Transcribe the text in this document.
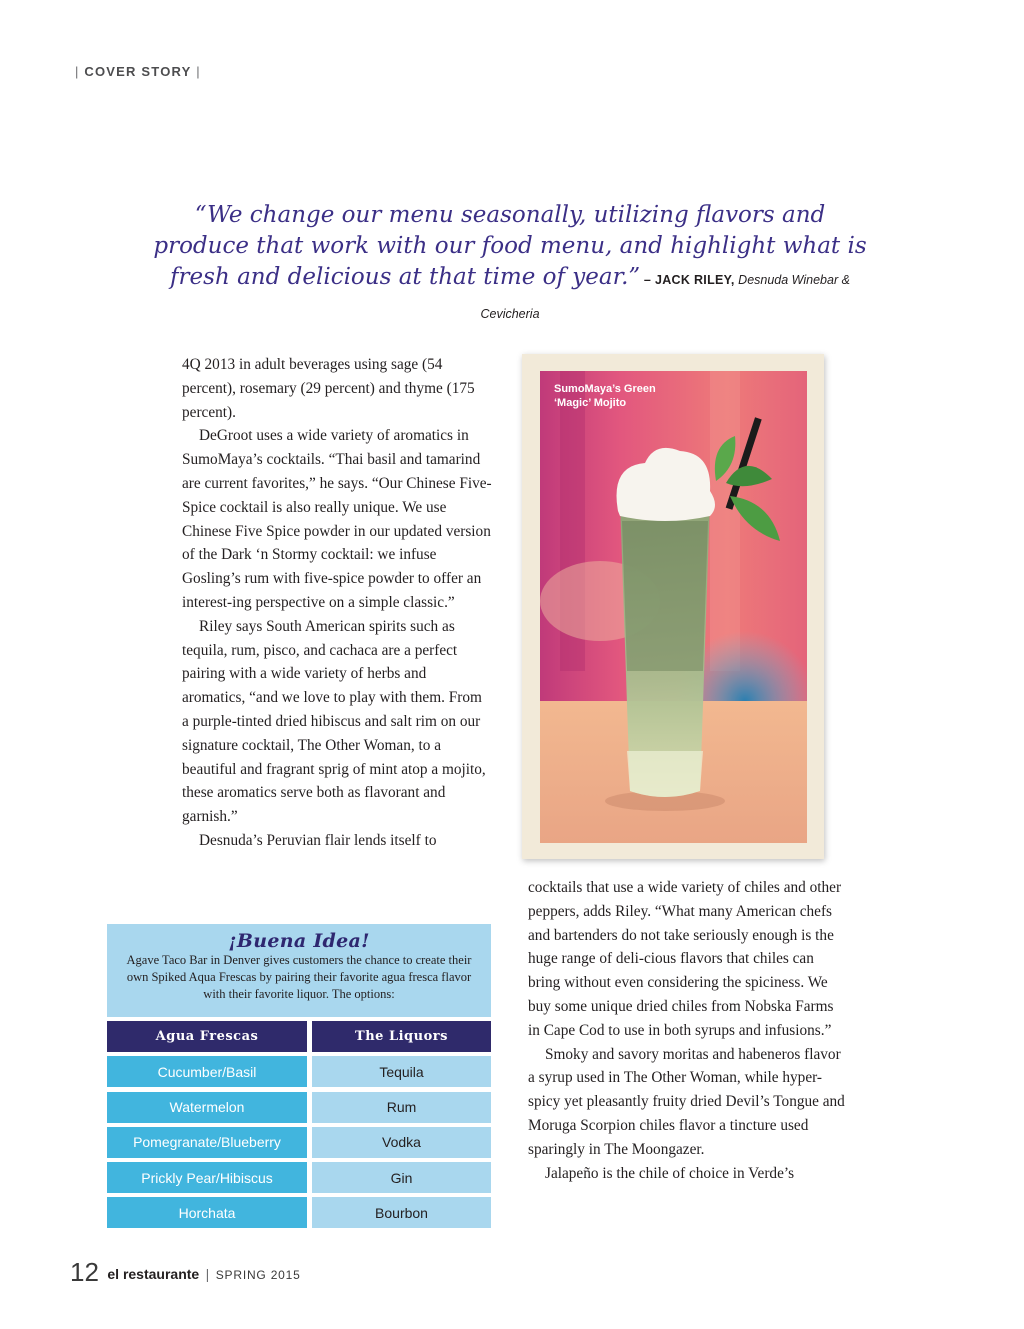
| COVER STORY |
“We change our menu seasonally, utilizing flavors and produce that work with our food menu, and highlight what is fresh and delicious at that time of year.” – JACK RILEY, Desnuda Winebar & Cevicheria

4Q 2013 in adult beverages using sage (54 percent), rosemary (29 percent) and thyme (175 percent).

DeGroot uses a wide variety of aromatics in SumoMaya’s cocktails. “Thai basil and tamarind are current favorites,” he says. “Our Chinese Five-Spice cocktail is also really unique. We use Chinese Five Spice powder in our updated version of the Dark ‘n Stormy cocktail: we infuse Gosling’s rum with five-spice powder to offer an interest-ing perspective on a simple classic.”

Riley says South American spirits such as tequila, rum, pisco, and cachaca are a perfect pairing with a wide variety of herbs and aromatics, “and we love to play with them. From a purple-tinted dried hibiscus and salt rim on our signature cocktail, The Other Woman, to a beautiful and fragrant sprig of mint atop a mojito, these aromatics serve both as flavorant and garnish.”

Desnuda’s Peruvian flair lends itself to

SumoMaya’s Green ‘Magic’ Mojito

cocktails that use a wide variety of chiles and other peppers, adds Riley. “What many American chefs and bartenders do not take seriously enough is the huge range of deli-cious flavors that chiles can bring without even considering the spiciness. We buy some unique dried chiles from Nobska Farms in Cape Cod to use in both syrups and infusions.”

Smoky and savory moritas and habeneros flavor a syrup used in The Other Woman, while hyper-spicy yet pleasantly fruity dried Devil’s Tongue and Moruga Scorpion chiles flavor a tincture used sparingly in The Moongazer.

Jalapeño is the chile of choice in Verde’s

¡Buena Idea!
Agave Taco Bar in Denver gives customers the chance to create their own Spiked Aqua Frescas by pairing their favorite agua fresca flavor with their favorite liquor. The options:
Agua Frescas	The Liquors
Cucumber/Basil	Tequila
Watermelon	Rum
Pomegranate/Blueberry	Vodka
Prickly Pear/Hibiscus	Gin
Horchata	Bourbon
12 el restaurante | SPRING 2015
